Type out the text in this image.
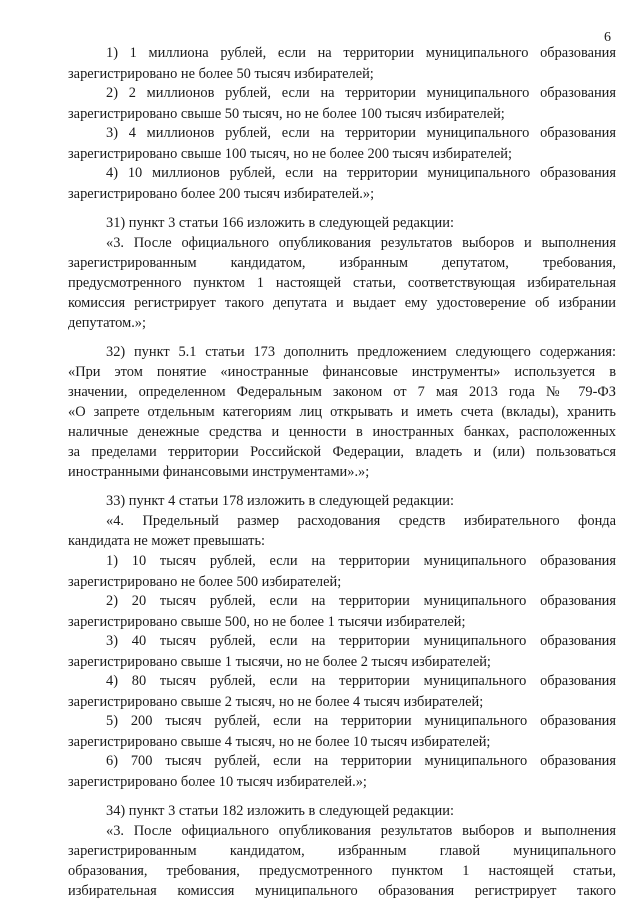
6
1) 1 миллиона рублей, если на территории муниципального образования
зарегистрировано не более 50 тысяч избирателей;
2) 2 миллионов рублей, если на территории муниципального образования
зарегистрировано свыше 50 тысяч, но не более 100 тысяч избирателей;
3) 4 миллионов рублей, если на территории муниципального образования
зарегистрировано свыше 100 тысяч, но не более 200 тысяч избирателей;
4) 10 миллионов рублей, если на территории муниципального образования
зарегистрировано более 200 тысяч избирателей.»;
31) пункт 3 статьи 166 изложить в следующей редакции:
«3. После официального опубликования результатов выборов и выполнения
зарегистрированным кандидатом, избранным депутатом, требования,
предусмотренного пунктом 1 настоящей статьи, соответствующая избирательная
комиссия регистрирует такого депутата и выдает ему удостоверение об избрании
депутатом.»;
32) пункт 5.1 статьи 173 дополнить предложением следующего содержания:
«При этом понятие «иностранные финансовые инструменты» используется в
значении, определенном Федеральным законом от 7 мая 2013 года № 79-ФЗ
«О запрете отдельным категориям лиц открывать и иметь счета (вклады), хранить
наличные денежные средства и ценности в иностранных банках, расположенных
за пределами территории Российской Федерации, владеть и (или) пользоваться
иностранными финансовыми инструментами».»;
33) пункт 4 статьи 178 изложить в следующей редакции:
«4. Предельный размер расходования средств избирательного фонда
кандидата не может превышать:
1) 10 тысяч рублей, если на территории муниципального образования
зарегистрировано не более 500 избирателей;
2) 20 тысяч рублей, если на территории муниципального образования
зарегистрировано свыше 500, но не более 1 тысячи избирателей;
3) 40 тысяч рублей, если на территории муниципального образования
зарегистрировано свыше 1 тысячи, но не более 2 тысяч избирателей;
4) 80 тысяч рублей, если на территории муниципального образования
зарегистрировано свыше 2 тысяч, но не более 4 тысяч избирателей;
5) 200 тысяч рублей, если на территории муниципального образования
зарегистрировано свыше 4 тысяч, но не более 10 тысяч избирателей;
6) 700 тысяч рублей, если на территории муниципального образования
зарегистрировано более 10 тысяч избирателей.»;
34) пункт 3 статьи 182 изложить в следующей редакции:
«3. После официального опубликования результатов выборов и выполнения
зарегистрированным кандидатом, избранным главой муниципального
образования, требования, предусмотренного пунктом 1 настоящей статьи,
избирательная комиссия муниципального образования регистрирует такого
